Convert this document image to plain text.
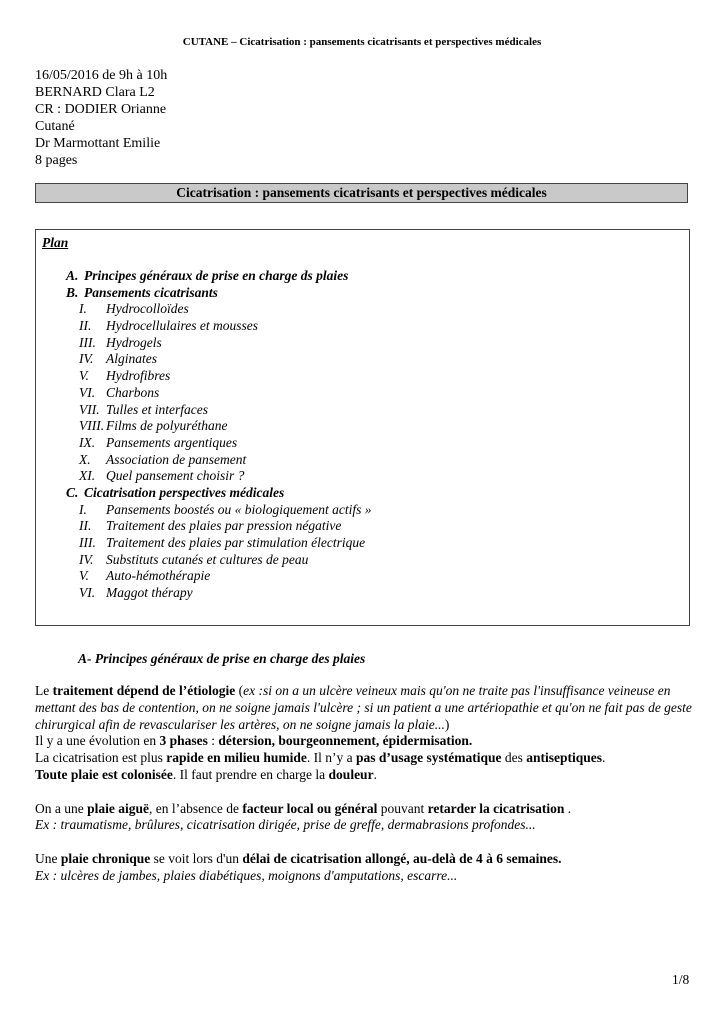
CUTANE – Cicatrisation : pansements cicatrisants et perspectives médicales
16/05/2016 de 9h à 10h
BERNARD Clara L2
CR : DODIER Orianne
Cutané
Dr Marmottant Emilie
8 pages
Cicatrisation : pansements cicatrisants et perspectives médicales
Plan
A. Principes généraux de prise en charge ds plaies
B. Pansements cicatrisants
I. Hydrocolloïdes
II. Hydrocellulaires et mousses
III. Hydrogels
IV. Alginates
V. Hydrofibres
VI. Charbons
VII. Tulles et interfaces
VIII. Films de polyuréthane
IX. Pansements argentiques
X. Association de pansement
XI. Quel pansement choisir ?
C. Cicatrisation perspectives médicales
I. Pansements boostés ou « biologiquement actifs »
II. Traitement des plaies par pression négative
III. Traitement des plaies par stimulation électrique
IV. Substituts cutanés et cultures de peau
V. Auto-hémothérapie
VI. Maggot thérapy
A- Principes généraux de prise en charge des plaies

Le traitement dépend de l’étiologie (ex :si on a un ulcère veineux mais qu'on ne traite pas l'insuffisance veineuse en mettant des bas de contention, on ne soigne jamais l'ulcère ; si un patient a une artériopathie et qu'on ne fait pas de geste chirurgical afin de revasculariser les artères, on ne soigne jamais la plaie...)

Il y a une évolution en 3 phases : détersion, bourgeonnement, épidermisation.

La cicatrisation est plus rapide en milieu humide. Il n’y a pas d’usage systématique des antiseptiques.

Toute plaie est colonisée. Il faut prendre en charge la douleur.

On a une plaie aiguë, en l’absence de facteur local ou général pouvant retarder la cicatrisation .

Ex : traumatisme, brûlures, cicatrisation dirigée, prise de greffe, dermabrasions profondes...

Une plaie chronique se voit lors d'un délai de cicatrisation allongé, au-delà de 4 à 6 semaines.

Ex : ulcères de jambes, plaies diabétiques, moignons d'amputations, escarre...

1/8
